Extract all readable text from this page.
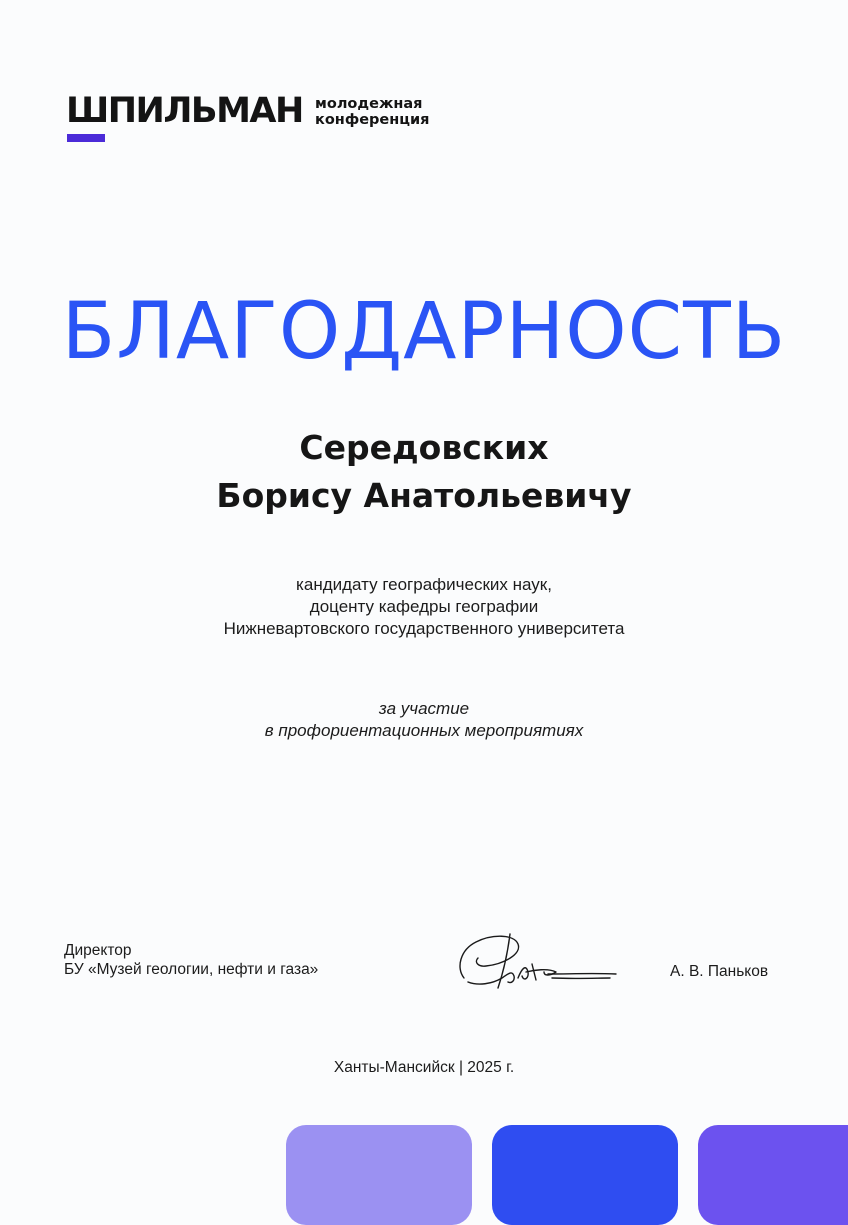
ШПИЛЬМАН молодежная
конференция
БЛАГОДАРНОСТЬ
Середовских
Борису Анатольевичу
кандидату географических наук,
доценту кафедры географии
Нижневартовского государственного университета
за участие
в профориентационных мероприятиях
Директор
БУ «Музей геологии, нефти и газа»	А. В. Паньков
Ханты-Мансийск | 2025 г.
